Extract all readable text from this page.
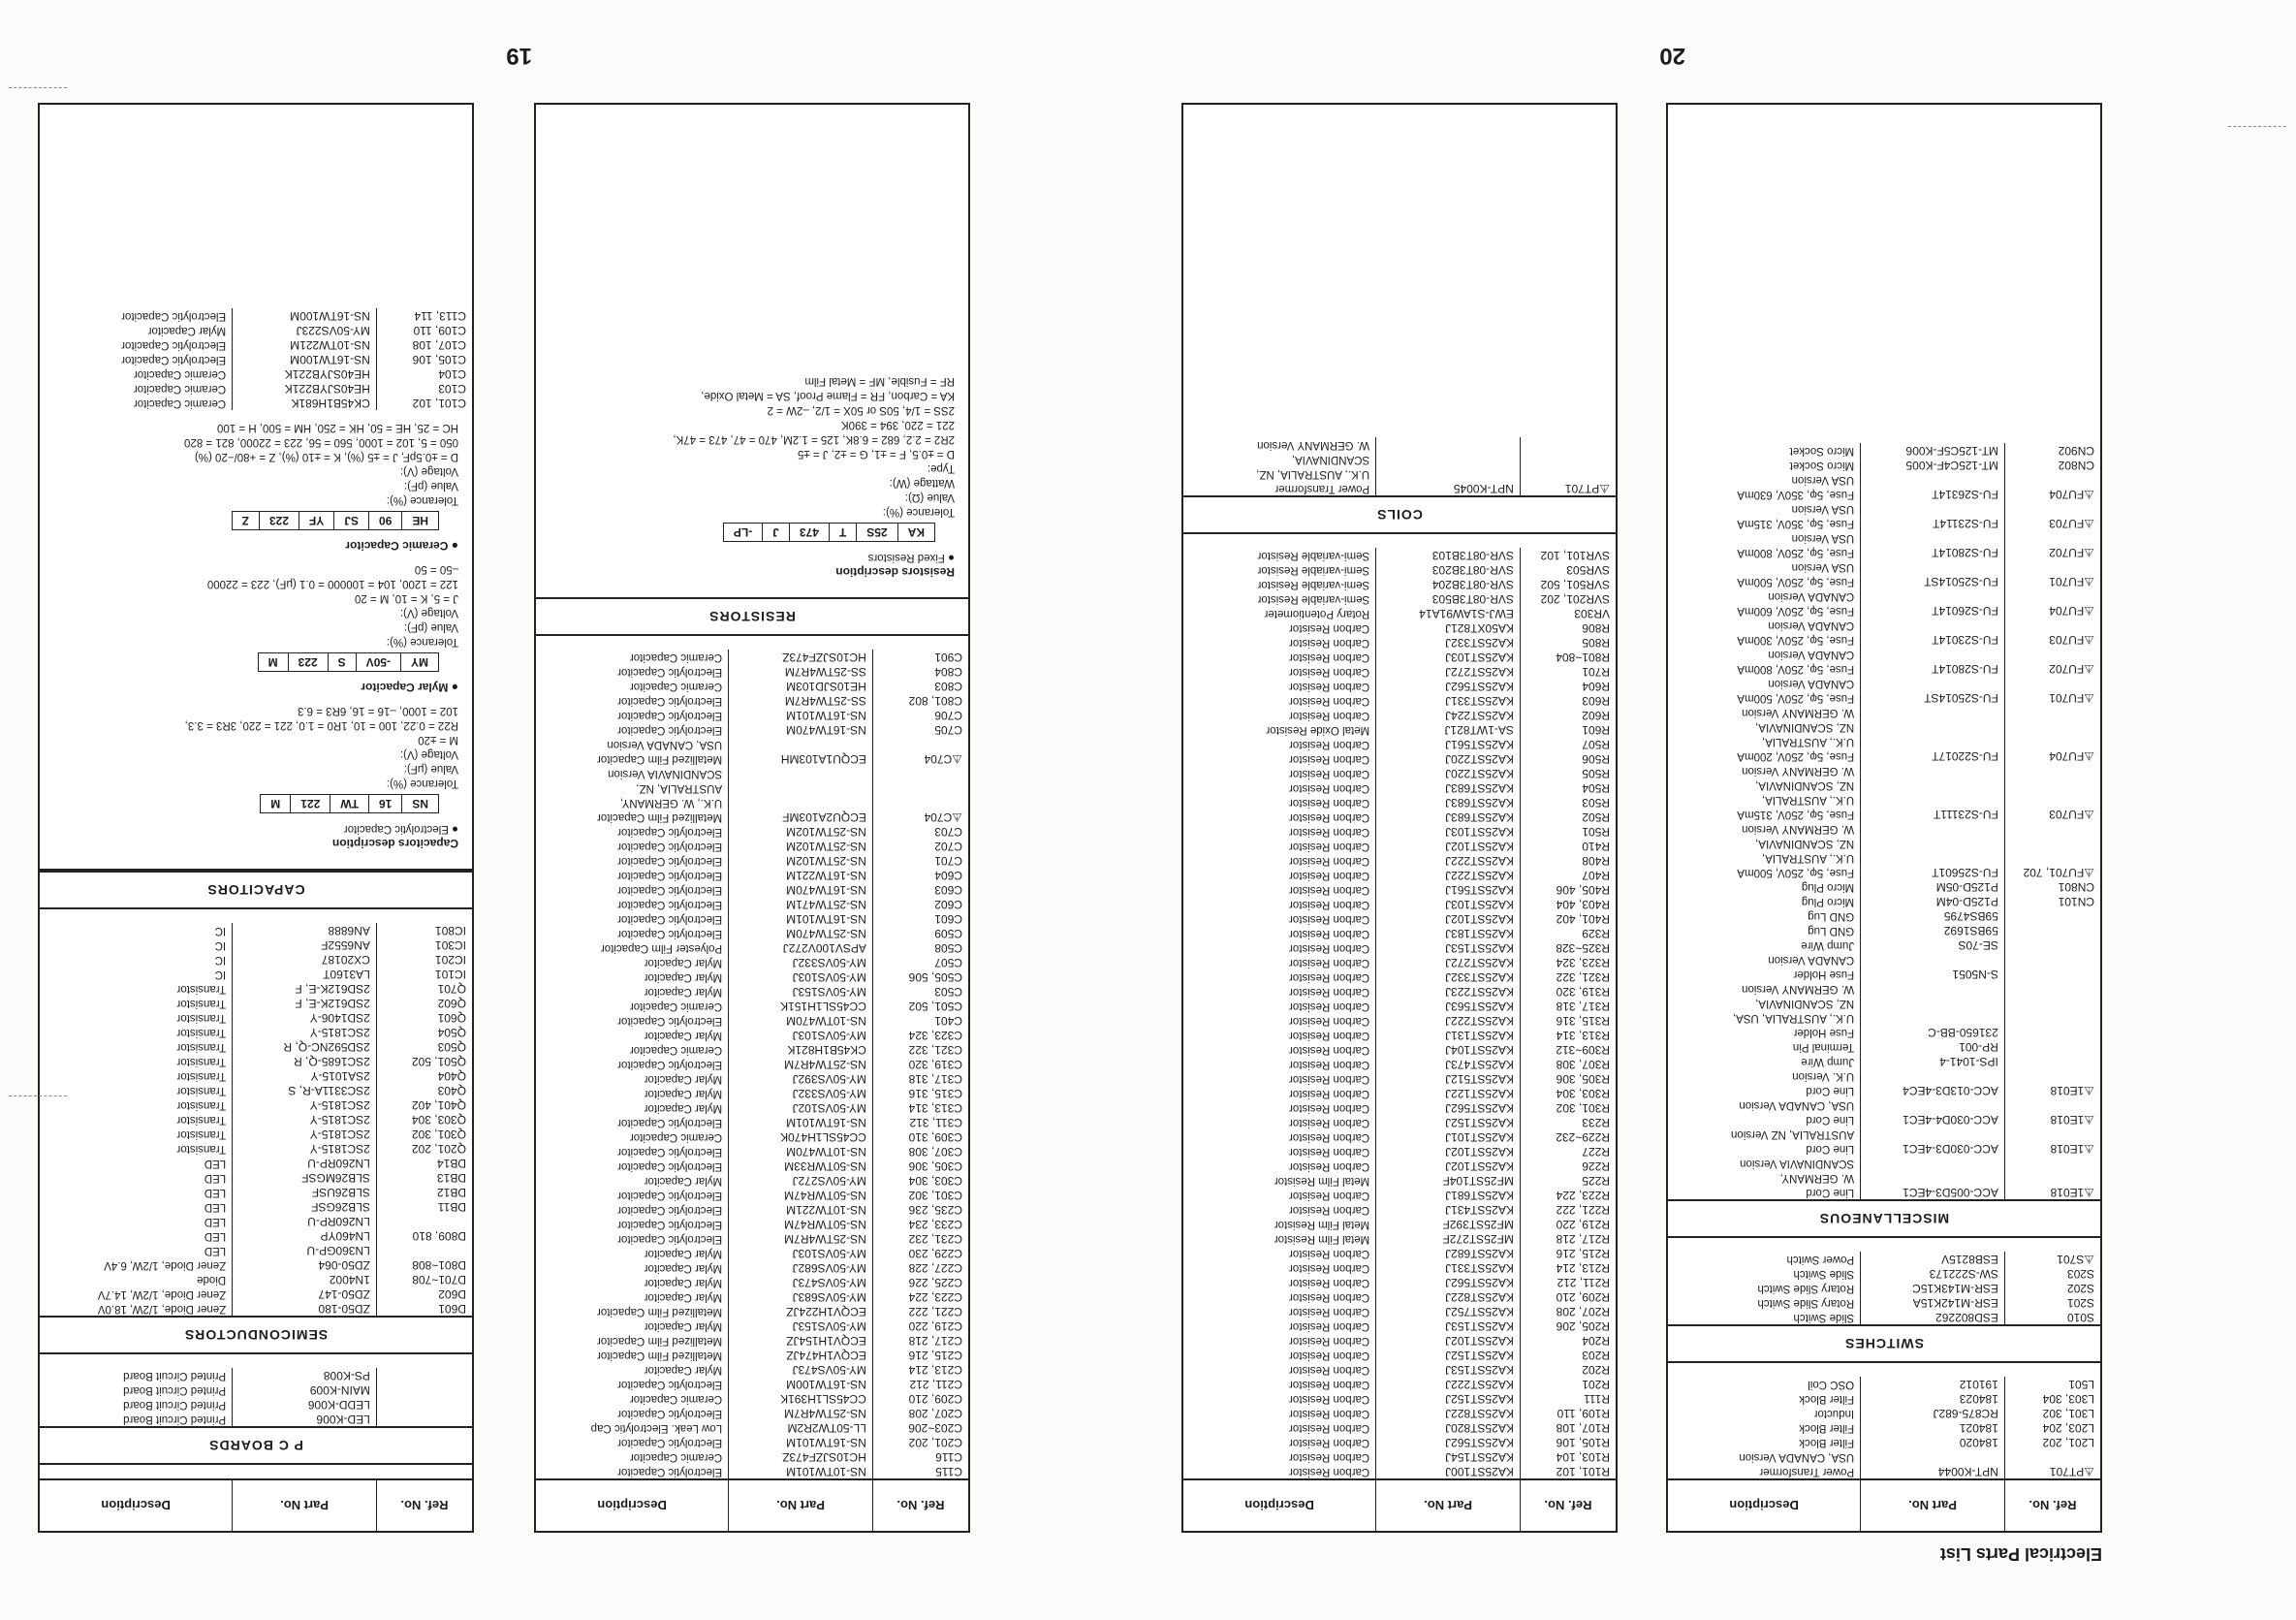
19	20
Electrical Parts List
Ref. No.
Part No.
Description
P C BOARDS
LED-K006
Printed Circuit Board
LEDD-K006
Printed Circuit Board
MAIN-K009
Printed Circuit Board
PS-K008
Printed Circuit Board
SEMICONDUCTORS
D601
ZD50-180
Zener Diode, 1/2W, 18.0V
D602
ZD50-147
Zener Diode, 1/2W, 14.7V
D701~708
1N4002
Diode
D801~808
ZD50-064
Zener Diode, 1/2W, 6.4V
LN360GP-U
LED
D809, 810
LN460YP
LED
LN260RP-U
LED
DB11
SLB26GSF
LED
DB12
SLB26USF
LED
DB13
SLB26MGSF
LED
DB14
LN260RP-U
LED
Q201, 202
2SC1815-Y
Transistor
Q301, 302
2SC1815-Y
Transistor
Q303, 304
2SC1815-Y
Transistor
Q401, 402
2SC1815-Y
Transistor
Q403
2SC3311A-R, S
Transistor
Q404
2SA1015-Y
Transistor
Q501, 502
2SC1685-Q, R
Transistor
Q503
2SD592NC-Q, R
Transistor
Q504
2SC1815-Y
Transistor
Q601
2SD1406-Y
Transistor
Q602
2SD612K-E, F
Transistor
Q701
2SD612K-E, F
Transistor
IC101
LA3160T
IC
IC201
CX20187
IC
IC301
AN6552F
IC
IC801
AN6888
IC
CAPACITORS
Capacitors description
● Electrolytic Capacitor
NS
16
TW
221
M
Tolerance (%):
Value (μF):
Voltage (V):
M = ±20
R22 = 0.22, 100 = 10, 1R0 = 1.0, 221 = 220, 3R3 = 3.3,
102 = 1000, –16 = 16, 6R3 = 6.3
● Mylar Capacitor
MY
-50V
S
223
M
Tolerance (%):
Value (pF):
Voltage (V):
J = 5, K = 10, M = 20
122 = 1200, 104 = 100000 = 0.1 (μF), 223 = 22000
–50 = 50
● Ceramic Capacitor
HE
90
SJ
YF
223
Z
Tolerance (%):
Value (pF):
Voltage (V):
D = ±0.5pF, J = ±5 (%), K = ±10 (%), Z = +80/−20 (%)
050 = 5, 102 = 1000, 560 = 56, 223 = 22000, 821 = 820
HC = 25, HE = 50, HK = 250, HM = 500, H = 100
C101, 102
CK45B1H681K
Ceramic Capacitor
C103
HE40SJYB221K
Ceramic Capacitor
C104
HE40SJYB221K
Ceramic Capacitor
C105, 106
NS-16TW100M
Electrolytic Capacitor
C107, 108
NS-10TW221M
Electrolytic Capacitor
C109, 110
MY-50VS223J
Mylar Capacitor
C113, 114
NS-16TW100M
Electrolytic Capacitor
Ref. No.
Part No.
Description
C115
NS-10TW101M
Electrolytic Capacitor
C116
HC10SJZF473Z
Ceramic Capacitor
C201, 202
NS-16TW101M
Electrolytic Capacitor
C203~206
LL-50TW2R2M
Low Leak. Electrolytic Cap
C207, 208
NS-25TW4R7M
Electrolytic Capacitor
C209, 210
CC45SL1H391K
Ceramic Capacitor
C211, 212
NS-16TW100M
Electrolytic Capacitor
C213, 214
MY-50VS473J
Mylar Capacitor
C215, 216
ECQV1H474JZ
Metallized Film Capacitor
C217, 218
ECQV1H154JZ
Metallized Film Capacitor
C219, 220
MY-50VS153J
Mylar Capacitor
C221, 222
ECQV1H224JZ
Metallized Film Capacitor
C223, 224
MY-50VS683J
Mylar Capacitor
C225, 226
MY-50VS473J
Mylar Capacitor
C227, 228
MY-50VS682J
Mylar Capacitor
C229, 230
MY-50VS103J
Mylar Capacitor
C231, 232
NS-25TW4R7M
Electrolytic Capacitor
C233, 234
NS-50TWR47M
Electrolytic Capacitor
C235, 236
NS-10TW221M
Electrolytic Capacitor
C301, 302
NS-50TWR47M
Electrolytic Capacitor
C303, 304
MY-50VS272J
Mylar Capacitor
C305, 306
NS-50TWR33M
Electrolytic Capacitor
C307, 308
NS-10TW470M
Electrolytic Capacitor
C309, 310
CC45SL1H470K
Ceramic Capacitor
C311, 312
NS-16TW101M
Electrolytic Capacitor
C313, 314
MY-50VS102J
Mylar Capacitor
C315, 316
MY-50VS332J
Mylar Capacitor
C317, 318
MY-50VS392J
Mylar Capacitor
C319, 320
NS-25TW4R7M
Electrolytic Capacitor
C321, 322
CK45B1H821K
Ceramic Capacitor
C323, 324
MY-50VS103J
Mylar Capacitor
C401
NS-10TW470M
Electrolytic Capacitor
C501, 502
CC45SL1H151K
Ceramic Capacitor
C503
MY-50VS153J
Mylar Capacitor
C505, 506
MY-50VS103J
Mylar Capacitor
C507
MY-50VS332J
Mylar Capacitor
C508
APSV100V272J
Polyester Film Capacitor
C509
NS-25TW470M
Electrolytic Capacitor
C601
NS-16TW101M
Electrolytic Capacitor
C602
NS-25TW471M
Electrolytic Capacitor
C603
NS-16TW470M
Electrolytic Capacitor
C604
NS-16TW221M
Electrolytic Capacitor
C701
NS-25TW102M
Electrolytic Capacitor
C702
NS-25TW102M
Electrolytic Capacitor
C703
NS-25TW102M
Electrolytic Capacitor
⚠C704
ECQU2A103MF
Metallized Film Capacitor
U.K., W. GERMANY,
AUSTRALIA, NZ,
SCANDINAVIA Version
⚠C704
ECQU1A103MH
Metallized Film Capacitor
USA, CANADA Version
C705
NS-16TW470M
Electrolytic Capacitor
C706
NS-16TW101M
Electrolytic Capacitor
C801, 802
SS-25TW4R7M
Electrolytic Capacitor
C803
HE10SJD103M
Ceramic Capacitor
C804
SS-25TW4R7M
Electrolytic Capacitor
C901
HC10SJZF473Z
Ceramic Capacitor
RESISTORS
Resistors description
● Fixed Resistors
KA
25S
T
473
J
-LP
Tolerance (%):
Value (Ω):
Wattage (W):
Type:
D = ±0.5, F = ±1, G = ±2, J = ±5
2R2 = 2.2, 682 = 6.8K, 125 = 1.2M, 470 = 47, 473 = 47K,
221 = 220, 394 = 390K
2SS = 1/4, 50S or 50X = 1/2, –2W = 2
KA = Carbon, FR = Flame Proof, SA = Metal Oxide,
RF = Fusible, MF = Metal Film
Ref. No.
Part No.
Description
R101, 102
KA25ST100J
Carbon Resistor
R103, 104
KA25ST154J
Carbon Resistor
R105, 106
KA25ST562J
Carbon Resistor
R107, 108
KA25ST820J
Carbon Resistor
R109, 110
KA25ST822J
Carbon Resistor
R111
KA25ST152J
Carbon Resistor
R201
KA25ST222J
Carbon Resistor
R202
KA25ST153J
Carbon Resistor
R203
KA25ST152J
Carbon Resistor
R204
KA25ST102J
Carbon Resistor
R205, 206
KA25ST153J
Carbon Resistor
R207, 208
KA25ST752J
Carbon Resistor
R209, 210
KA25ST822J
Carbon Resistor
R211, 212
KA25ST562J
Carbon Resistor
R213, 214
KA25ST331J
Carbon Resistor
R215, 216
KA25ST682J
Carbon Resistor
R217, 218
MF25ST272F
Metal Film Resistor
R219, 220
MF25ST392F
Metal Film Resistor
R221, 222
KA25ST431J
Carbon Resistor
R223, 224
KA25ST681J
Carbon Resistor
R225
MF25ST104F
Metal Film Resistor
R226
KA25ST102J
Carbon Resistor
R227
KA25ST102J
Carbon Resistor
R229~232
KA25ST101J
Carbon Resistor
R233
KA25ST152J
Carbon Resistor
R301, 302
KA25ST562J
Carbon Resistor
R303, 304
KA25ST122J
Carbon Resistor
R305, 306
KA25ST512J
Carbon Resistor
R307, 308
KA25ST473J
Carbon Resistor
R309~312
KA25ST104J
Carbon Resistor
R313, 314
KA25ST131J
Carbon Resistor
R315, 316
KA25ST222J
Carbon Resistor
R317, 318
KA25ST563J
Carbon Resistor
R319, 320
KA25ST223J
Carbon Resistor
R321, 322
KA25ST332J
Carbon Resistor
R323, 324
KA25ST272J
Carbon Resistor
R325~328
KA25ST153J
Carbon Resistor
R329
KA25ST183J
Carbon Resistor
R401, 402
KA25ST102J
Carbon Resistor
R403, 404
KA25ST103J
Carbon Resistor
R405, 406
KA25ST561J
Carbon Resistor
R407
KA25ST222J
Carbon Resistor
R408
KA25ST222J
Carbon Resistor
R410
KA25ST102J
Carbon Resistor
R501
KA25ST103J
Carbon Resistor
R502
KA25ST683J
Carbon Resistor
R503
KA25ST683J
Carbon Resistor
R504
KA25ST683J
Carbon Resistor
R505
KA25ST220J
Carbon Resistor
R506
KA25ST220J
Carbon Resistor
R507
KA25ST561J
Carbon Resistor
R601
SA-1WT821J
Metal Oxide Resistor
R602
KA25ST224J
Carbon Resistor
R603
KA25ST331J
Carbon Resistor
R604
KA25ST562J
Carbon Resistor
R701
KA25ST272J
Carbon Resistor
R801~804
KA25ST103J
Carbon Resistor
R805
KA25ST332J
Carbon Resistor
R806
KA50XT821J
Carbon Resistor
VR303
EWJ-S1AW91A14
Rotary Potentiometer
SVR201, 202
SVR-08T3B503
Semi-variable Resistor
SVR501, 502
SVR-08T3B204
Semi-variable Resistor
SVR503
SVR-08T3B203
Semi-variable Resistor
SVR101, 102
SVR-08T3B103
Semi-variable Resistor
COILS
⚠PT701
NPT-K0045
Power Transformer
U.K., AUSTRALIA, NZ,
SCANDINAVIA,
W. GERMANY Version
Ref. No.
Part No.
Description
⚠PT701
NPT-K0044
Power Transformer
USA, CANADA Version
L201, 202
184020
Filter Block
L203, 204
184021
Filter Block
L301, 302
RC875-682J
Inductor
L303, 304
184023
Filter Block
L501
191012
OSC Coil
SWITCHES
S010
ESD802262
Slide Switch
S201
ESR-M142K15A
Rotary Slide Switch
S202
ESR-M143K15C
Rotary Slide Switch
S203
SW-S222173
Slide Switch
⚠S701
ESB8215V
Power Switch
MISCELLANEOUS
⚠1E018
ACC-005D3-4EC1
Line Cord
W. GERMANY,
SCANDINAVIA Version
⚠1E018
ACC-030D3-4EC1
Line Cord
AUSTRALIA, NZ Version
⚠1E018
ACC-030D4-4EC1
Line Cord
USA, CANADA Version
⚠1E018
ACC-013D3-4EC4
Line Cord
U.K. Version
IPS-1041-4
Jump Wire
RP-001
Terminal Pin
231650-BB-C
Fuse Holder
U.K., AUSTRALIA, USA,
NZ, SCANDINAVIA,
W. GERMANY Version
S-N5051
Fuse Holder
CANADA Version
SE-70S
Jump Wire
59BS1692
GND Lug
59BS4795
GND Lug
CN101
P125D-04M
Micro Plug
CN801
P125D-05M
Micro Plug
⚠FU701, 702
FU-S25601T
Fuse, 5φ, 250V, 500mA
U.K., AUSTRALIA,
NZ, SCANDINAVIA,
W. GERMANY Version
⚠FU703
FU-S23111T
Fuse, 5φ, 250V, 315mA
U.K., AUSTRALIA,
NZ, SCANDINAVIA,
W. GERMANY Version
⚠FU704
FU-S22017T
Fuse, 5φ, 250V, 200mA
U.K., AUSTRALIA,
NZ, SCANDINAVIA,
W. GERMANY Version
⚠FU701
FU-S25014ST
Fuse, 5φ, 250V, 500mA
CANADA Version
⚠FU702
FU-S28014T
Fuse, 5φ, 250V, 800mA
CANADA Version
⚠FU703
FU-S23014T
Fuse, 5φ, 250V, 300mA
CANADA Version
⚠FU704
FU-S26014T
Fuse, 5φ, 250V, 600mA
CANADA Version
⚠FU701
FU-S25014ST
Fuse, 5φ, 250V, 500mA
USA Version
⚠FU702
FU-S28014T
Fuse, 5φ, 250V, 800mA
USA Version
⚠FU703
FU-S23114T
Fuse, 5φ, 350V, 315mA
USA Version
⚠FU704
FU-S26314T
Fuse, 5φ, 350V, 630mA
USA Version
CN802
MT-125C4F-K005
Micro Socket
CN902
MT-125C5F-K006
Micro Socket
